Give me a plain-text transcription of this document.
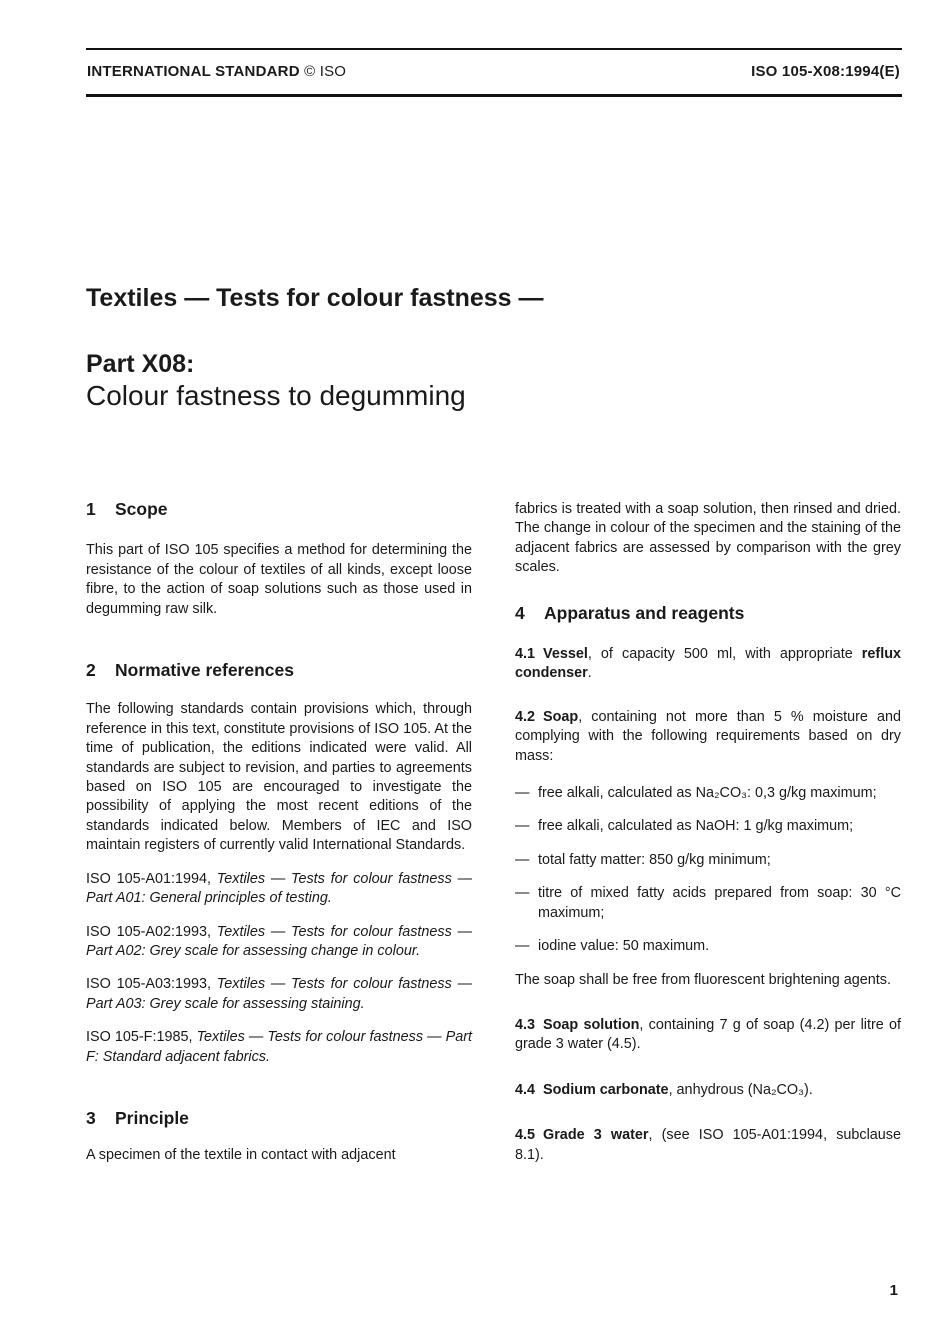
INTERNATIONAL STANDARD © ISO	ISO 105-X08:1994(E)
Textiles — Tests for colour fastness —
Part X08:
Colour fastness to degumming
1 Scope

This part of ISO 105 specifies a method for determining the resistance of the colour of textiles of all kinds, except loose fibre, to the action of soap solutions such as those used in degumming raw silk.

2 Normative references

The following standards contain provisions which, through reference in this text, constitute provisions of ISO 105. At the time of publication, the editions indicated were valid. All standards are subject to revision, and parties to agreements based on ISO 105 are encouraged to investigate the possibility of applying the most recent editions of the standards indicated below. Members of IEC and ISO maintain registers of currently valid International Standards.

ISO 105-A01:1994, Textiles — Tests for colour fastness — Part A01: General principles of testing.

ISO 105-A02:1993, Textiles — Tests for colour fastness — Part A02: Grey scale for assessing change in colour.

ISO 105-A03:1993, Textiles — Tests for colour fastness — Part A03: Grey scale for assessing staining.

ISO 105-F:1985, Textiles — Tests for colour fastness — Part F: Standard adjacent fabrics.

3 Principle

A specimen of the textile in contact with adjacent

fabrics is treated with a soap solution, then rinsed and dried. The change in colour of the specimen and the staining of the adjacent fabrics are assessed by comparison with the grey scales.

4 Apparatus and reagents

4.1 Vessel, of capacity 500 ml, with appropriate reflux condenser.

4.2 Soap, containing not more than 5 % moisture and complying with the following requirements based on dry mass:

— free alkali, calculated as Na₂CO₃: 0,3 g/kg maximum;
— free alkali, calculated as NaOH: 1 g/kg maximum;
— total fatty matter: 850 g/kg minimum;
— titre of mixed fatty acids prepared from soap: 30 °C maximum;
— iodine value: 50 maximum.

The soap shall be free from fluorescent brightening agents.

4.3 Soap solution, containing 7 g of soap (4.2) per litre of grade 3 water (4.5).

4.4 Sodium carbonate, anhydrous (Na₂CO₃).

4.5 Grade 3 water, (see ISO 105-A01:1994, subclause 8.1).

1
